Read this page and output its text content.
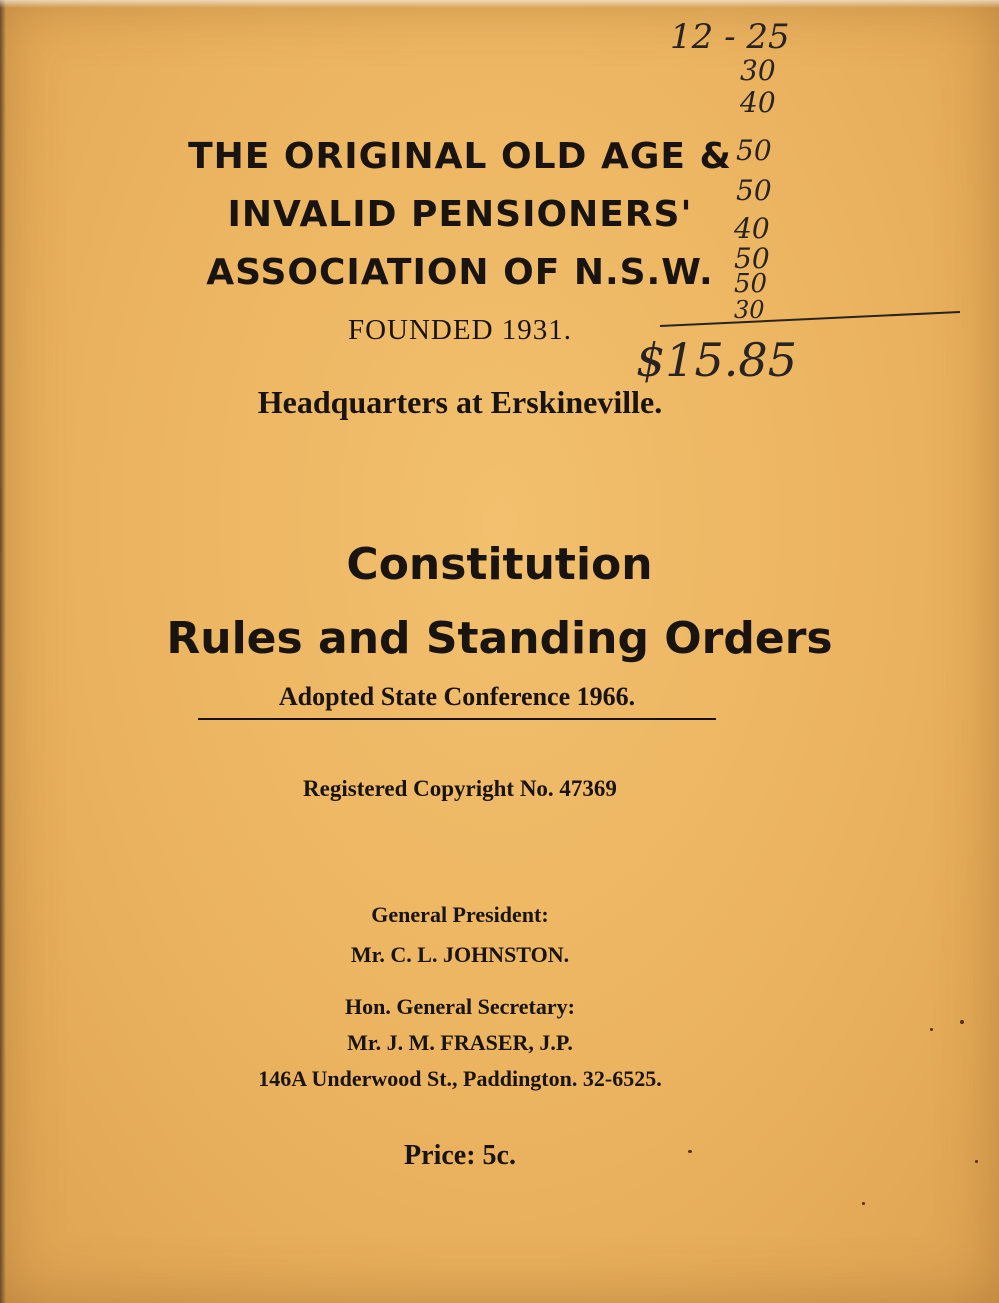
THE ORIGINAL OLD AGE &
INVALID PENSIONERS'
ASSOCIATION OF N.S.W.
FOUNDED 1931.
Headquarters at Erskineville.
Constitution
Rules and Standing Orders
Adopted State Conference 1966.
Registered Copyright No. 47369
General President:
Mr. C. L. JOHNSTON.
Hon. General Secretary:
Mr. J. M. FRASER, J.P.
146A Underwood St., Paddington. 32-6525.
Price: 5c.
12 - 25
30
40
50
50
40
50
50
30
$15.85
